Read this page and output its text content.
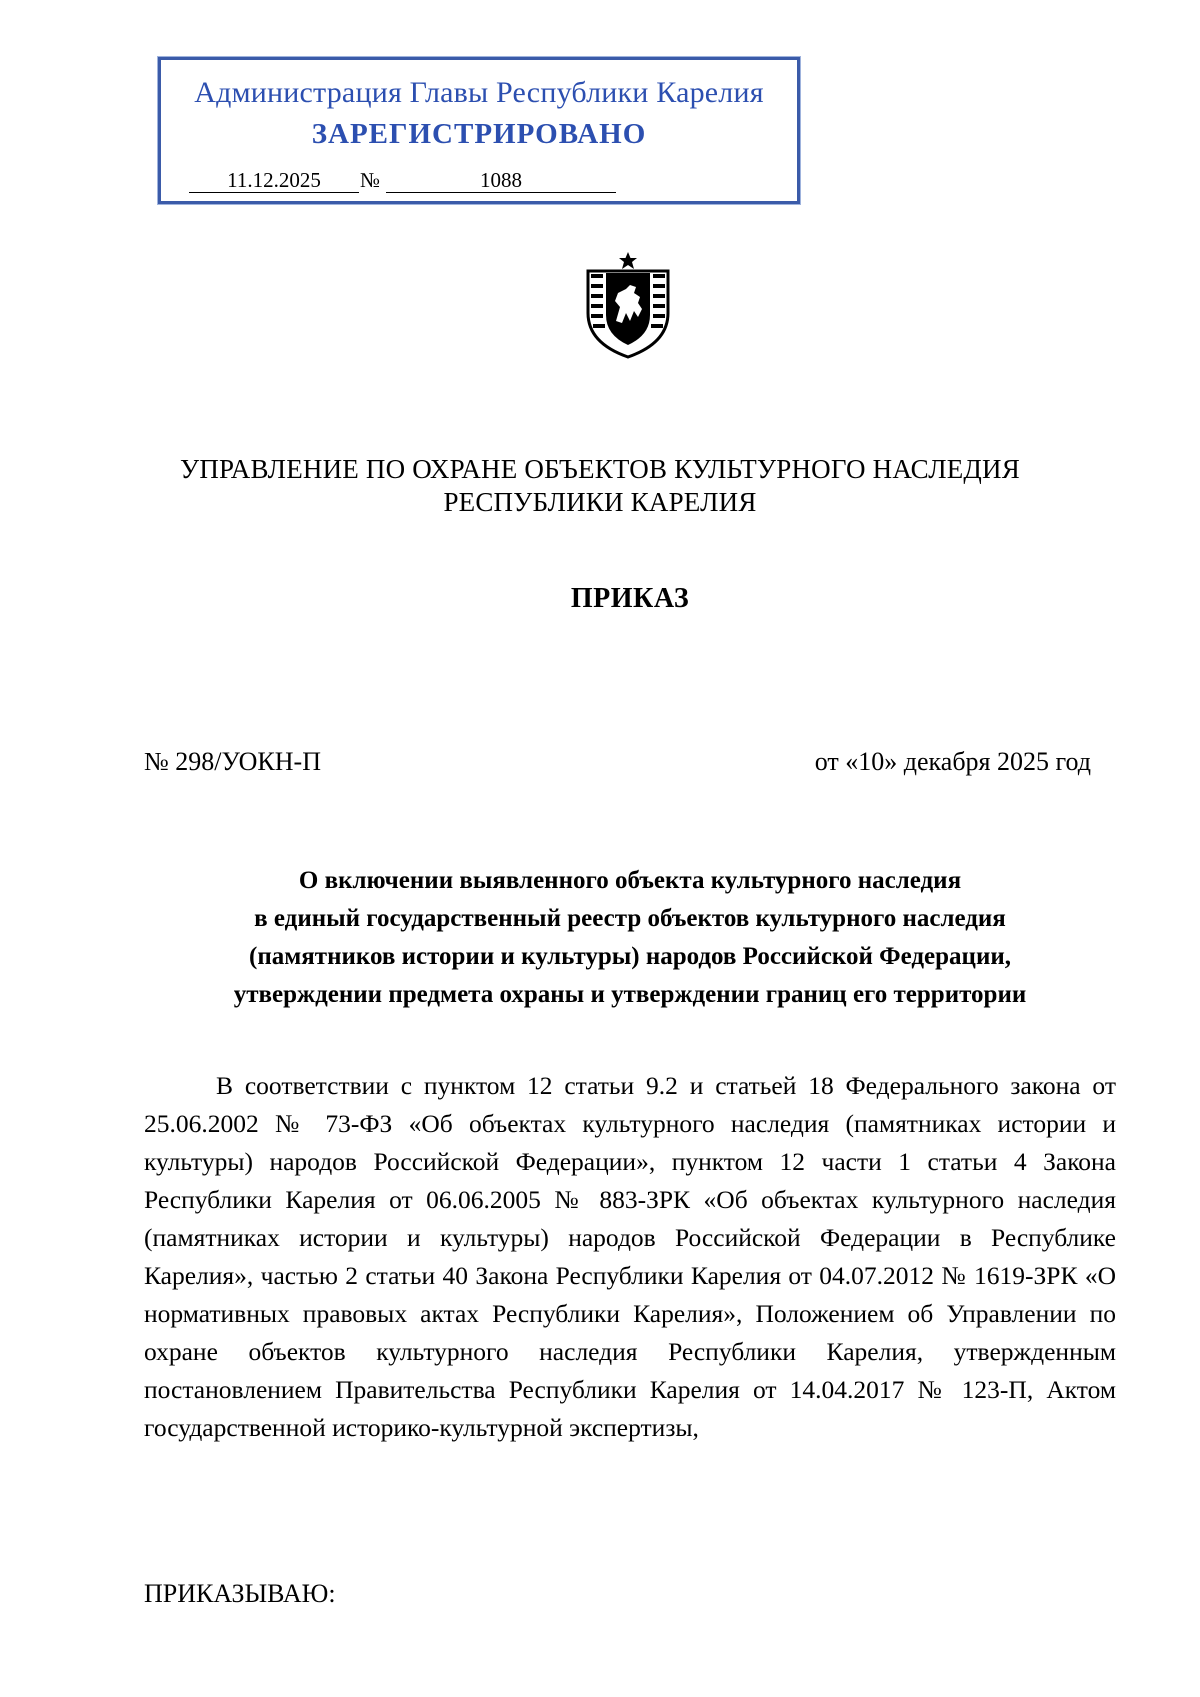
Администрация Главы Республики Карелия
ЗАРЕГИСТРИРОВАНО
11.12.2025	№	1088
УПРАВЛЕНИЕ ПО ОХРАНЕ ОБЪЕКТОВ КУЛЬТУРНОГО НАСЛЕДИЯ
РЕСПУБЛИКИ КАРЕЛИЯ
ПРИКАЗ
№ 298/УОКН-П	от «10» декабря 2025 год
О включении выявленного объекта культурного наследия
в единый государственный реестр объектов культурного наследия
(памятников истории и культуры) народов Российской Федерации,
утверждении предмета охраны и утверждении границ его территории
В соответствии с пунктом 12 статьи 9.2 и статьей 18 Федерального закона от 25.06.2002 № 73-ФЗ «Об объектах культурного наследия (памятниках истории и культуры) народов Российской Федерации», пунктом 12 части 1 статьи 4 Закона Республики Карелия от 06.06.2005 № 883-ЗРК «Об объектах культурного наследия (памятниках истории и культуры) народов Российской Федерации в Республике Карелия», частью 2 статьи 40 Закона Республики Карелия от 04.07.2012 № 1619-ЗРК «О нормативных правовых актах Республики Карелия», Положением об Управлении по охране объектов культурного наследия Республики Карелия, утвержденным постановлением Правительства Республики Карелия от 14.04.2017 № 123-П, Актом государственной историко-культурной экспертизы,
ПРИКАЗЫВАЮ:
